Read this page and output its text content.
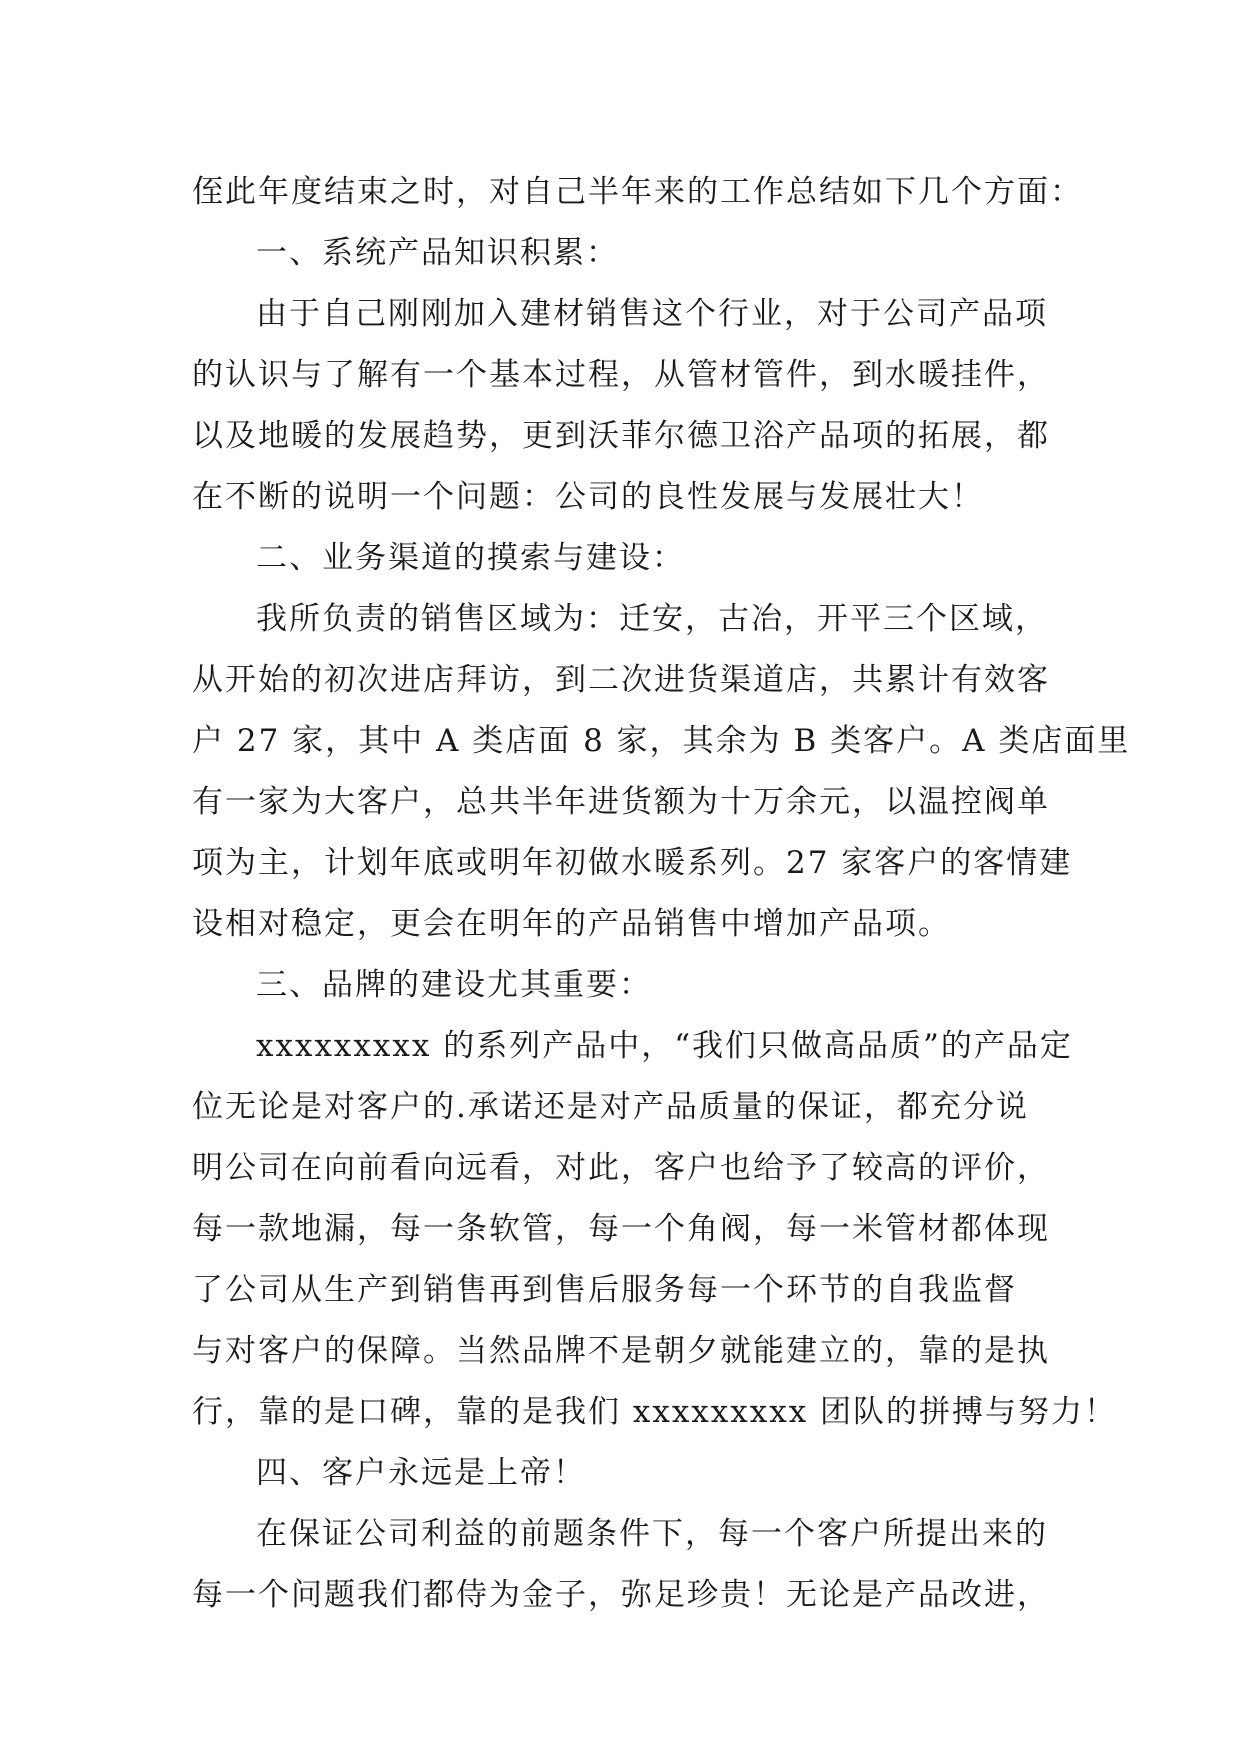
侄此年度结束之时，对自己半年来的工作总结如下几个方面：
一、系统产品知识积累：
由于自己刚刚加入建材销售这个行业，对于公司产品项
的认识与了解有一个基本过程，从管材管件，到水暖挂件，
以及地暖的发展趋势，更到沃菲尔德卫浴产品项的拓展，都
在不断的说明一个问题：公司的良性发展与发展壮大！
二、业务渠道的摸索与建设：
我所负责的销售区域为：迁安，古冶，开平三个区域，
从开始的初次进店拜访，到二次进货渠道店，共累计有效客
户 27 家，其中 A 类店面 8 家，其余为 B 类客户。A 类店面里
有一家为大客户，总共半年进货额为十万余元，以温控阀单
项为主，计划年底或明年初做水暖系列。27 家客户的客情建
设相对稳定，更会在明年的产品销售中增加产品项。
三、品牌的建设尤其重要：
xxxxxxxxx 的系列产品中，“我们只做高品质”的产品定
位无论是对客户的.承诺还是对产品质量的保证，都充分说
明公司在向前看向远看，对此，客户也给予了较高的评价，
每一款地漏，每一条软管，每一个角阀，每一米管材都体现
了公司从生产到销售再到售后服务每一个环节的自我监督
与对客户的保障。当然品牌不是朝夕就能建立的，靠的是执
行，靠的是口碑，靠的是我们 xxxxxxxxx 团队的拼搏与努力！
四、客户永远是上帝！
在保证公司利益的前题条件下，每一个客户所提出来的
每一个问题我们都侍为金子，弥足珍贵！无论是产品改进，
